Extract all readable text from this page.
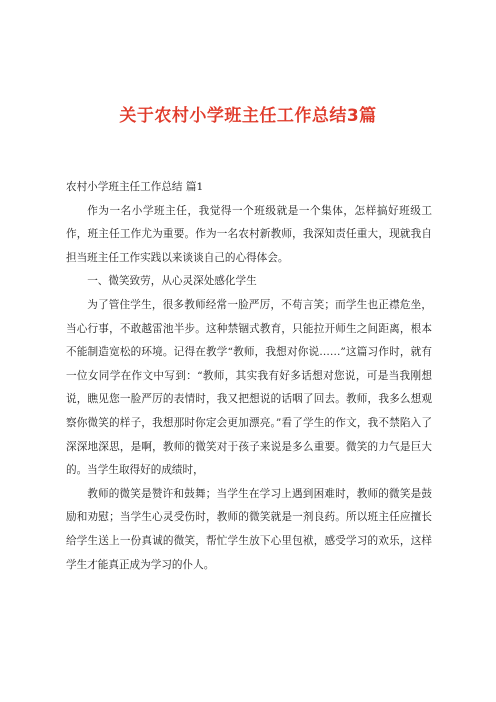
关于农村小学班主任工作总结3篇

农村小学班主任工作总结 篇1

作为一名小学班主任，我觉得一个班级就是一个集体，怎样搞好班级工作，班主任工作尤为重要。作为一名农村新教师，我深知责任重大，现就我自担当班主任工作实践以来谈谈自己的心得体会。

一、微笑致劳，从心灵深处感化学生

为了管住学生，很多教师经常一脸严厉，不苟言笑；而学生也正襟危坐，当心行事，不敢越雷池半步。这种禁锢式教育，只能拉开师生之间距离，根本不能制造宽松的环境。记得在教学“教师，我想对你说……”这篇习作时，就有一位女同学在作文中写到：“教师，其实我有好多话想对您说，可是当我刚想说，瞧见您一脸严厉的表情时，我又把想说的话咽了回去。教师，我多么想观察你微笑的样子，我想那时你定会更加漂亮。”看了学生的作文，我不禁陷入了深深地深思，是啊，教师的微笑对于孩子来说是多么重要。微笑的力气是巨大的。当学生取得好的成绩时，

教师的微笑是赞许和鼓舞；当学生在学习上遇到困难时，教师的微笑是鼓励和劝慰；当学生心灵受伤时，教师的微笑就是一剂良药。所以班主任应擅长给学生送上一份真诚的微笑，帮忙学生放下心里包袱，感受学习的欢乐，这样学生才能真正成为学习的仆人。
